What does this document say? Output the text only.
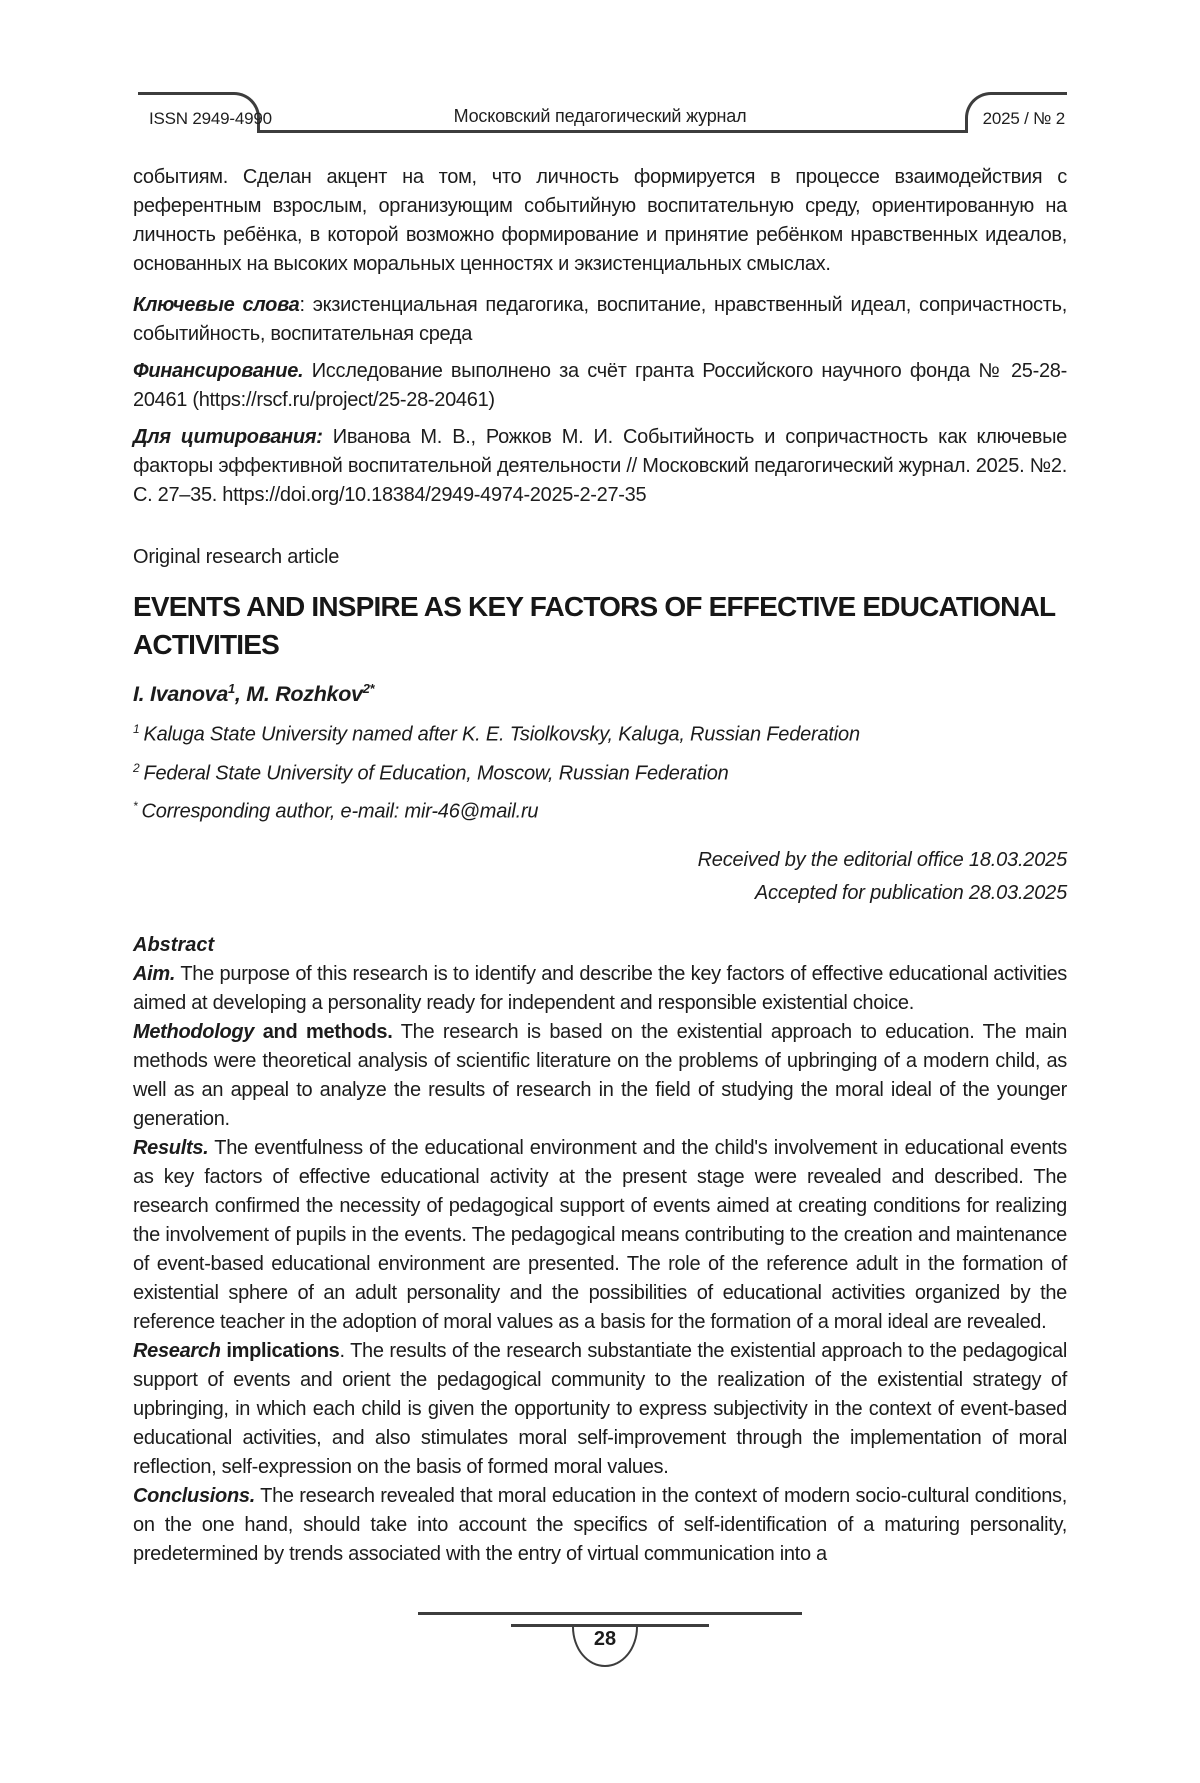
ISSN 2949-4990	2025 / № 2
Московский педагогический журнал

событиям. Сделан акцент на том, что личность формируется в процессе взаимодействия с референтным взрослым, организующим событийную воспитательную среду, ориентированную на личность ребёнка, в которой возможно формирование и принятие ребёнком нравственных идеалов, основанных на высоких моральных ценностях и экзистенциальных смыслах.

Ключевые слова: экзистенциальная педагогика, воспитание, нравственный идеал, сопричастность, событийность, воспитательная среда

Финансирование. Исследование выполнено за счёт гранта Российского научного фонда № 25-28-20461 (https://rscf.ru/project/25-28-20461)

Для цитирования: Иванова М. В., Рожков М. И. Событийность и сопричастность как ключевые факторы эффективной воспитательной деятельности // Московский педагогический журнал. 2025. №2. С. 27–35. https://doi.org/10.18384/2949-4974-2025-2-27-35

Original research article

EVENTS AND INSPIRE AS KEY FACTORS OF EFFECTIVE EDUCATIONAL ACTIVITIES

I. Ivanova$^1$, M. Rozhkov$^{2*}$

$^1$ Kaluga State University named after K. E. Tsiolkovsky, Kaluga, Russian Federation

$^2$ Federal State University of Education, Moscow, Russian Federation

* Corresponding author, e-mail: mir-46@mail.ru

Received by the editorial office 18.03.2025

Accepted for publication 28.03.2025

Abstract

Aim. The purpose of this research is to identify and describe the key factors of effective educational activities aimed at developing a personality ready for independent and responsible existential choice.

Methodology and methods. The research is based on the existential approach to education. The main methods were theoretical analysis of scientific literature on the problems of upbringing of a modern child, as well as an appeal to analyze the results of research in the field of studying the moral ideal of the younger generation.

Results. The eventfulness of the educational environment and the child's involvement in educational events as key factors of effective educational activity at the present stage were revealed and described. The research confirmed the necessity of pedagogical support of events aimed at creating conditions for realizing the involvement of pupils in the events. The pedagogical means contributing to the creation and maintenance of event-based educational environment are presented. The role of the reference adult in the formation of existential sphere of an adult personality and the possibilities of educational activities organized by the reference teacher in the adoption of moral values as a basis for the formation of a moral ideal are revealed.

Research implications. The results of the research substantiate the existential approach to the pedagogical support of events and orient the pedagogical community to the realization of the existential strategy of upbringing, in which each child is given the opportunity to express subjectivity in the context of event-based educational activities, and also stimulates moral self-improvement through the implementation of moral reflection, self-expression on the basis of formed moral values.

Conclusions. The research revealed that moral education in the context of modern socio-cultural conditions, on the one hand, should take into account the specifics of self-identification of a maturing personality, predetermined by trends associated with the entry of virtual communication into a

28
